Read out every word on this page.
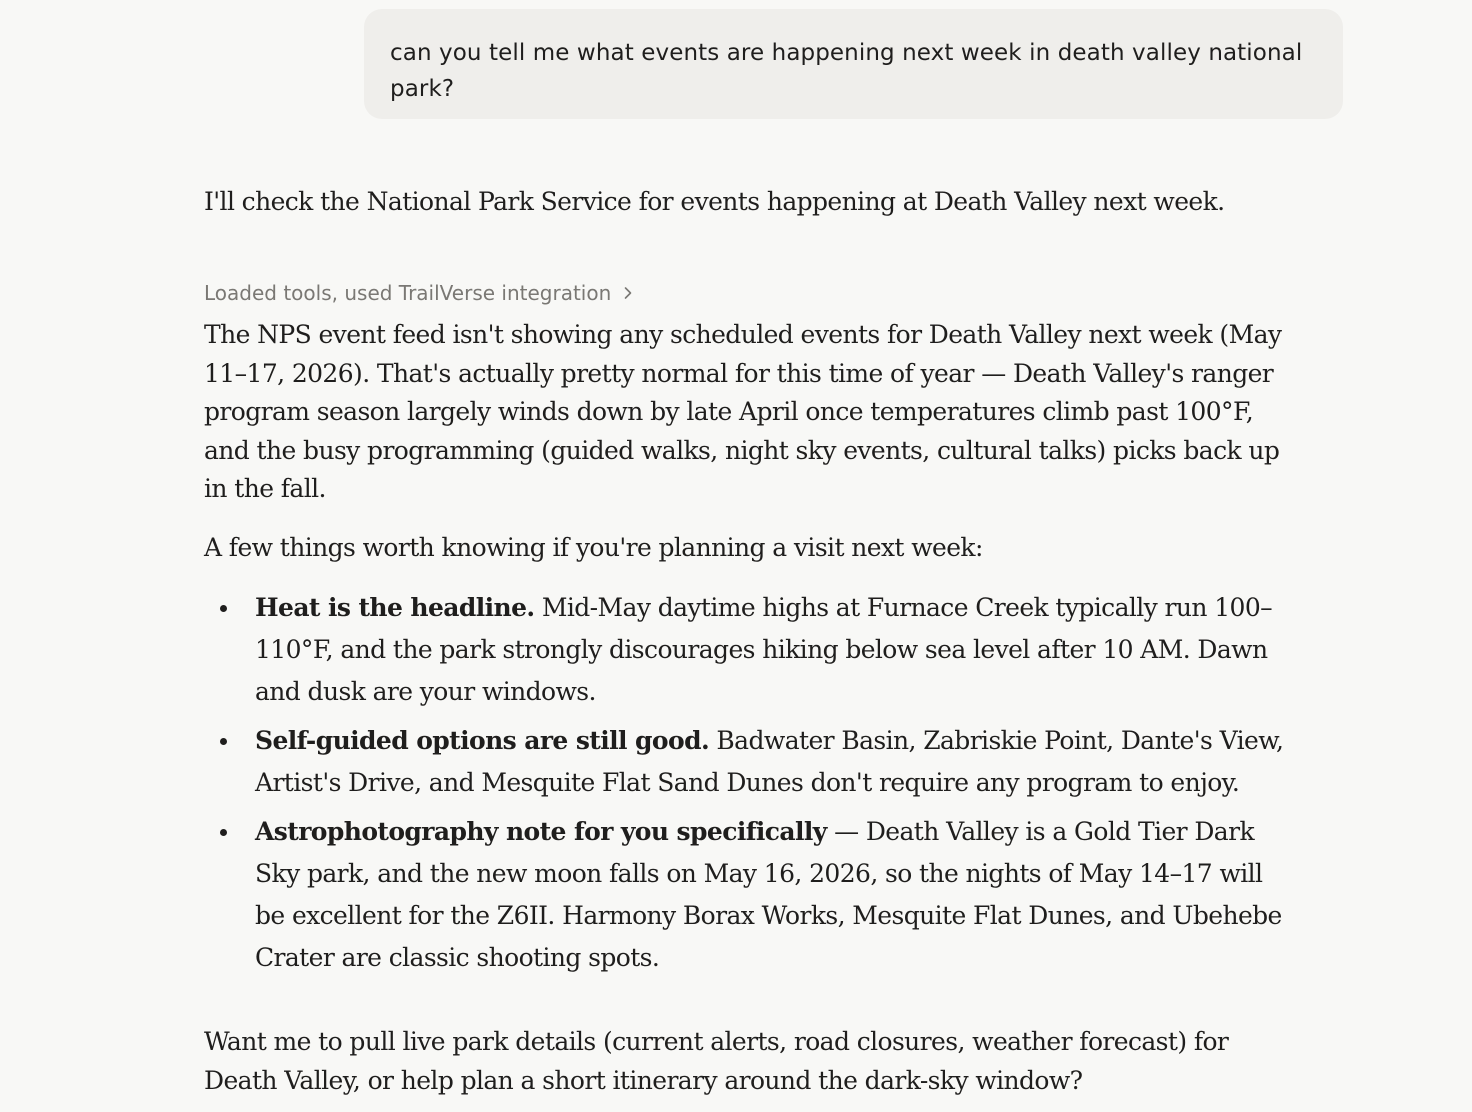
can you tell me what events are happening next week in death valley national park?

I'll check the National Park Service for events happening at Death Valley next week.

Loaded tools, used TrailVerse integration

The NPS event feed isn't showing any scheduled events for Death Valley next week (May 11–17, 2026). That's actually pretty normal for this time of year — Death Valley's ranger program season largely winds down by late April once temperatures climb past 100°F, and the busy programming (guided walks, night sky events, cultural talks) picks back up in the fall.

A few things worth knowing if you're planning a visit next week:

Heat is the headline. Mid-May daytime highs at Furnace Creek typically run 100–110°F, and the park strongly discourages hiking below sea level after 10 AM. Dawn and dusk are your windows.
Self-guided options are still good. Badwater Basin, Zabriskie Point, Dante's View, Artist's Drive, and Mesquite Flat Sand Dunes don't require any program to enjoy.
Astrophotography note for you specifically — Death Valley is a Gold Tier Dark Sky park, and the new moon falls on May 16, 2026, so the nights of May 14–17 will be excellent for the Z6II. Harmony Borax Works, Mesquite Flat Dunes, and Ubehebe Crater are classic shooting spots.

Want me to pull live park details (current alerts, road closures, weather forecast) for Death Valley, or help plan a short itinerary around the dark-sky window?
